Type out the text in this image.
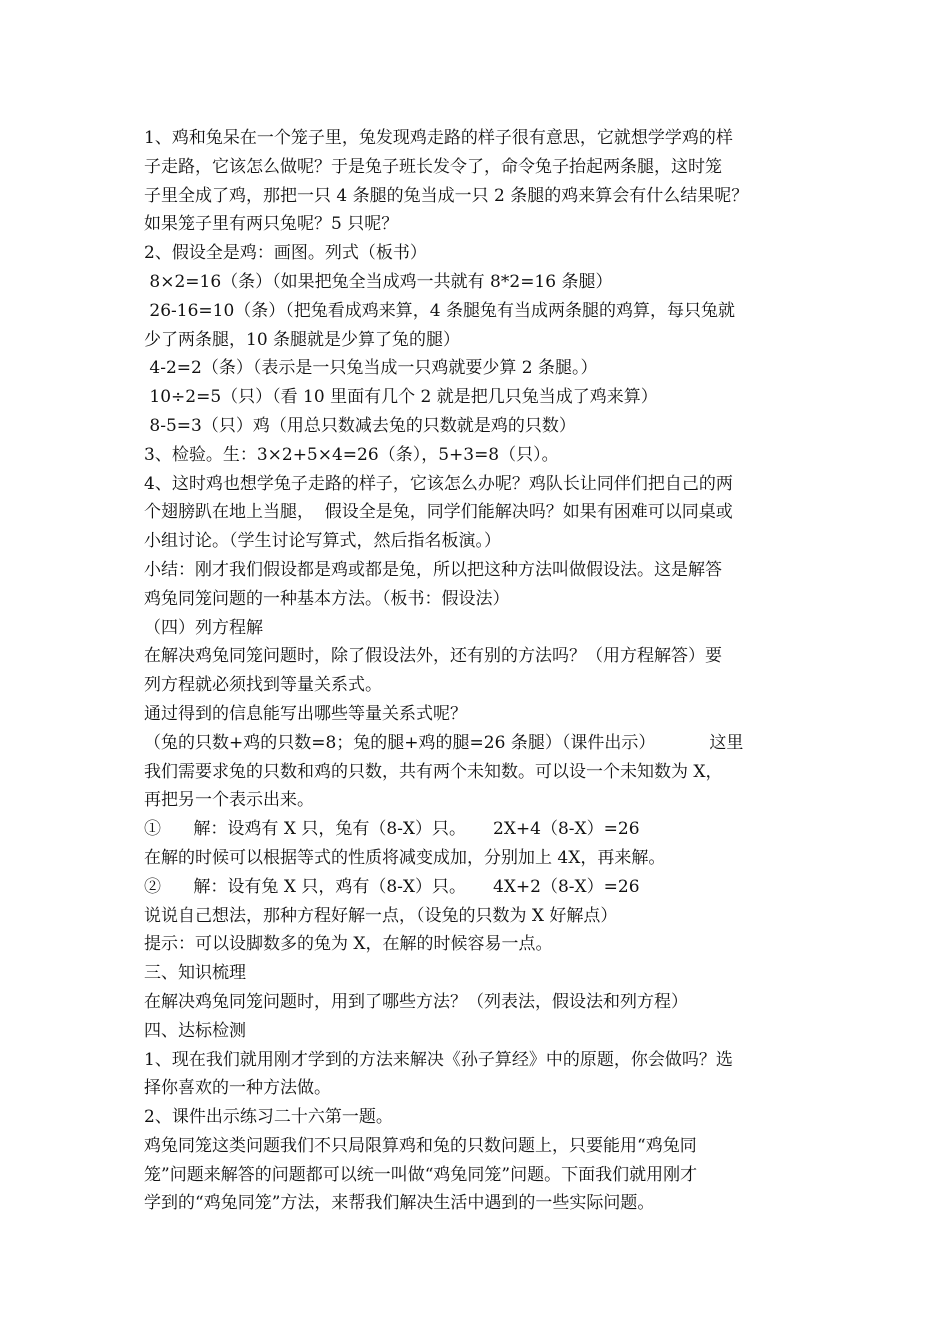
1、鸡和兔呆在一个笼子里，兔发现鸡走路的样子很有意思，它就想学学鸡的样
子走路，它该怎么做呢？于是兔子班长发令了，命令兔子抬起两条腿，这时笼
子里全成了鸡，那把一只 4 条腿的兔当成一只 2 条腿的鸡来算会有什么结果呢？
如果笼子里有两只兔呢？5 只呢？
2、假设全是鸡：画图。列式（板书）
8×2=16（条）（如果把兔全当成鸡一共就有 8*2=16 条腿）
26-16=10（条）（把兔看成鸡来算，4 条腿兔有当成两条腿的鸡算，每只兔就
少了两条腿，10 条腿就是少算了兔的腿）
4-2=2（条）（表示是一只兔当成一只鸡就要少算 2 条腿。）
10÷2=5（只）（看 10 里面有几个 2 就是把几只兔当成了鸡来算）
8-5=3（只）鸡（用总只数减去兔的只数就是鸡的只数）
3、检验。生：3×2+5×4=26（条），5+3=8（只）。
4、这时鸡也想学兔子走路的样子，它该怎么办呢？鸡队长让同伴们把自己的两
个翅膀趴在地上当腿，  假设全是兔，同学们能解决吗？如果有困难可以同桌或
小组讨论。（学生讨论写算式，然后指名板演。）
小结：刚才我们假设都是鸡或都是兔，所以把这种方法叫做假设法。这是解答
鸡兔同笼问题的一种基本方法。（板书：假设法）
（四）列方程解
在解决鸡兔同笼问题时，除了假设法外，还有别的方法吗？（用方程解答）要
列方程就必须找到等量关系式。
通过得到的信息能写出哪些等量关系式呢？
（兔的只数+鸡的只数=8；兔的腿+鸡的腿=26 条腿）（课件出示）          这里
我们需要求兔的只数和鸡的只数，共有两个未知数。可以设一个未知数为 X，
再把另一个表示出来。
①      解：设鸡有 X 只，兔有（8-X）只。     2X+4（8-X）=26
在解的时候可以根据等式的性质将减变成加，分别加上 4X，再来解。
②      解：设有兔 X 只，鸡有（8-X）只。     4X+2（8-X）=26
说说自己想法，那种方程好解一点，（设兔的只数为 X 好解点）
提示：可以设脚数多的兔为 X，在解的时候容易一点。
三、知识梳理
在解决鸡兔同笼问题时，用到了哪些方法？（列表法，假设法和列方程）
四、达标检测
1、现在我们就用刚才学到的方法来解决《孙子算经》中的原题，你会做吗？选
择你喜欢的一种方法做。
2、课件出示练习二十六第一题。
鸡兔同笼这类问题我们不只局限算鸡和兔的只数问题上，只要能用“鸡兔同
笼”问题来解答的问题都可以统一叫做“鸡兔同笼”问题。下面我们就用刚才
学到的“鸡兔同笼”方法，来帮我们解决生活中遇到的一些实际问题。
